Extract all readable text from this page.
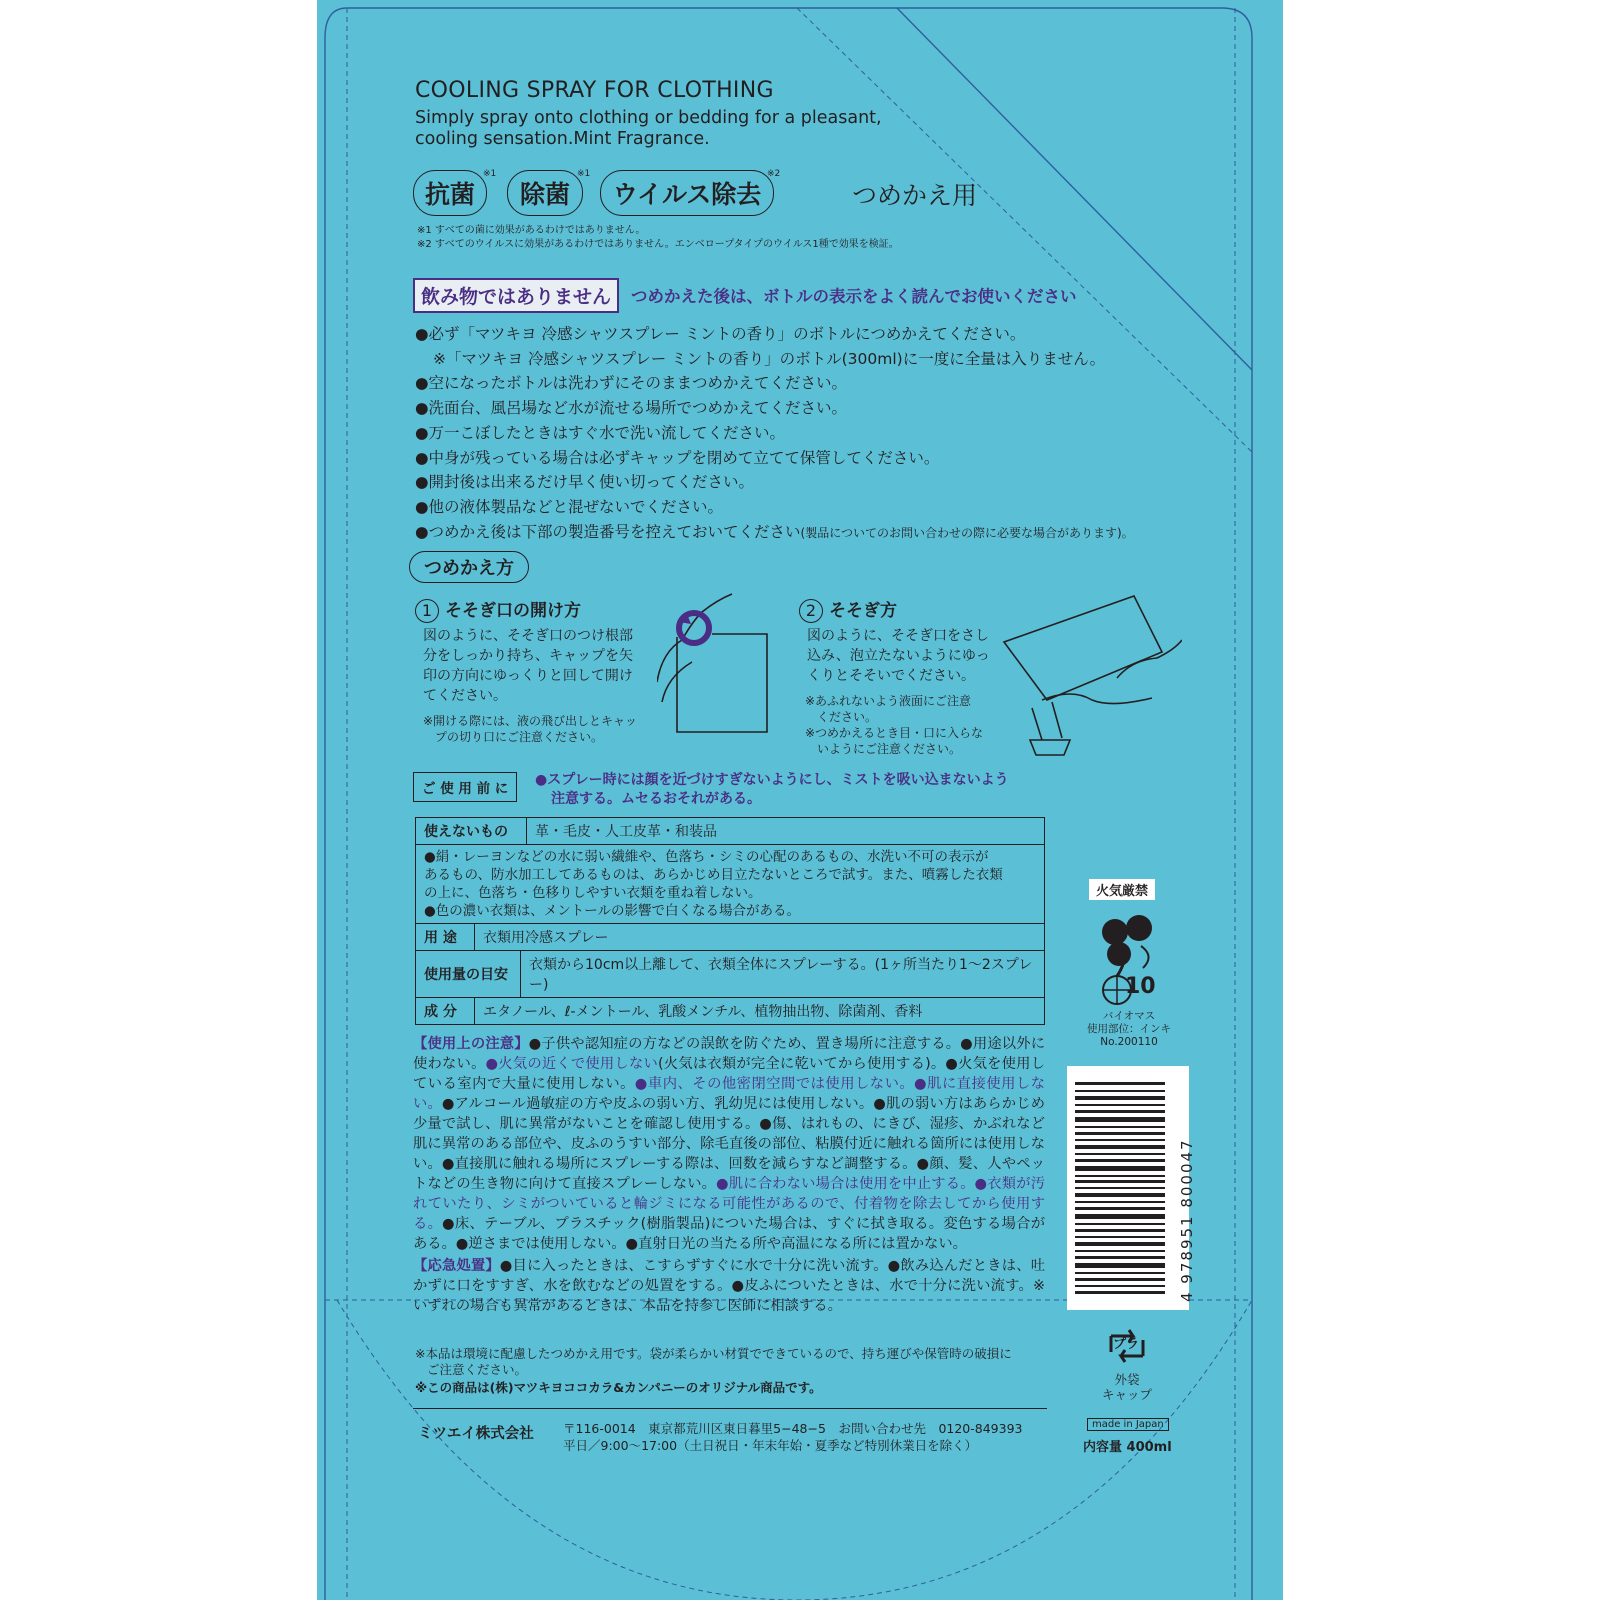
COOLING SPRAY FOR CLOTHING
Simply spray onto clothing or bedding for a pleasant,
cooling sensation.Mint Fragrance.
抗菌
※1
除菌
※1
ウイルス除去
※2
つめかえ用
※1 すべての菌に効果があるわけではありません。
※2 すべてのウイルスに効果があるわけではありません。エンベロープタイプのウイルス1種で効果を検証。
飲み物ではありません	つめかえた後は、ボトルの表示をよく読んでお使いください
●必ず「マツキヨ 冷感シャツスプレー ミントの香り」のボトルにつめかえてください。
※「マツキヨ 冷感シャツスプレー ミントの香り」のボトル(300ml)に一度に全量は入りません。
●空になったボトルは洗わずにそのままつめかえてください。
●洗面台、風呂場など水が流せる場所でつめかえてください。
●万一こぼしたときはすぐ水で洗い流してください。
●中身が残っている場合は必ずキャップを閉めて立てて保管してください。
●開封後は出来るだけ早く使い切ってください。
●他の液体製品などと混ぜないでください。
●つめかえ後は下部の製造番号を控えておいてください(製品についてのお問い合わせの際に必要な場合があります)。
つめかえ方
1 そそぎ口の開け方
図のように、そそぎ口のつけ根部
分をしっかり持ち、キャップを矢
印の方向にゆっくりと回して開け
てください。
※開ける際には、液の飛び出しとキャッ
プの切り口にご注意ください。
2 そそぎ方
図のように、そそぎ口をさし
込み、泡立たないようにゆっ
くりとそそいでください。
※あふれないよう液面にご注意
ください。
※つめかえるとき目・口に入らな
いようにご注意ください。
ご 使 用 前 に
●スプレー時には顔を近づけすぎないようにし、ミストを吸い込まないよう
注意する。ムセるおそれがある。
使えないもの	革・毛皮・人工皮革・和装品

●絹・レーヨンなどの水に弱い繊維や、色落ち・シミの心配のあるもの、水洗い不可の表示が
あるもの、防水加工してあるものは、あらかじめ目立たないところで試す。また、噴霧した衣類
の上に、色落ち・色移りしやすい衣類を重ね着しない。
●色の濃い衣類は、メントールの影響で白くなる場合がある。

用 途	衣類用冷感スプレー

使用量の目安	衣類から10cm以上離して、衣類全体にスプレーする。(1ヶ所当たり1～2スプレー)

成 分	エタノール、ℓ-メントール、乳酸メンチル、植物抽出物、除菌剤、香料
【使用上の注意】●子供や認知症の方などの誤飲を防ぐため、置き場所に注意する。●用途以外に使わない。●火気の近くで使用しない(火気は衣類が完全に乾いてから使用する)。●火気を使用している室内で大量に使用しない。●車内、その他密閉空間では使用しない。●肌に直接使用しない。●アルコール過敏症の方や皮ふの弱い方、乳幼児には使用しない。●肌の弱い方はあらかじめ少量で試し、肌に異常がないことを確認し使用する。●傷、はれもの、にきび、湿疹、かぶれなど肌に異常のある部位や、皮ふのうすい部分、除毛直後の部位、粘膜付近に触れる箇所には使用しない。●直接肌に触れる場所にスプレーする際は、回数を減らすなど調整する。●顔、髪、人やペットなどの生き物に向けて直接スプレーしない。●肌に合わない場合は使用を中止する。●衣類が汚れていたり、シミがついていると輪ジミになる可能性があるので、付着物を除去してから使用する。●床、テーブル、プラスチック(樹脂製品)についた場合は、すぐに拭き取る。変色する場合がある。●逆さまでは使用しない。●直射日光の当たる所や高温になる所には置かない。
【応急処置】●目に入ったときは、こすらずすぐに水で十分に洗い流す。●飲み込んだときは、吐かずに口をすすぎ、水を飲むなどの処置をする。●皮ふについたときは、水で十分に洗い流す。※いずれの場合も異常があるときは、本品を持参し医師に相談する。
※本品は環境に配慮したつめかえ用です。袋が柔らかい材質でできているので、持ち運びや保管時の破損に
ご注意ください。
※この商品は(株)マツキヨココカラ&カンパニーのオリジナル商品です。
ミツエイ株式会社 〒116-0014　東京都荒川区東日暮里5−48−5　お問い合わせ先　0120-849393
平日／9:00～17:00（土日祝日・年末年始・夏季など特別休業日を除く）
火気厳禁
10
バイオマス
使用部位：インキ
No.200110
4 978951 800047
プラ
外袋
キャップ
made in Japan
内容量 400ml
